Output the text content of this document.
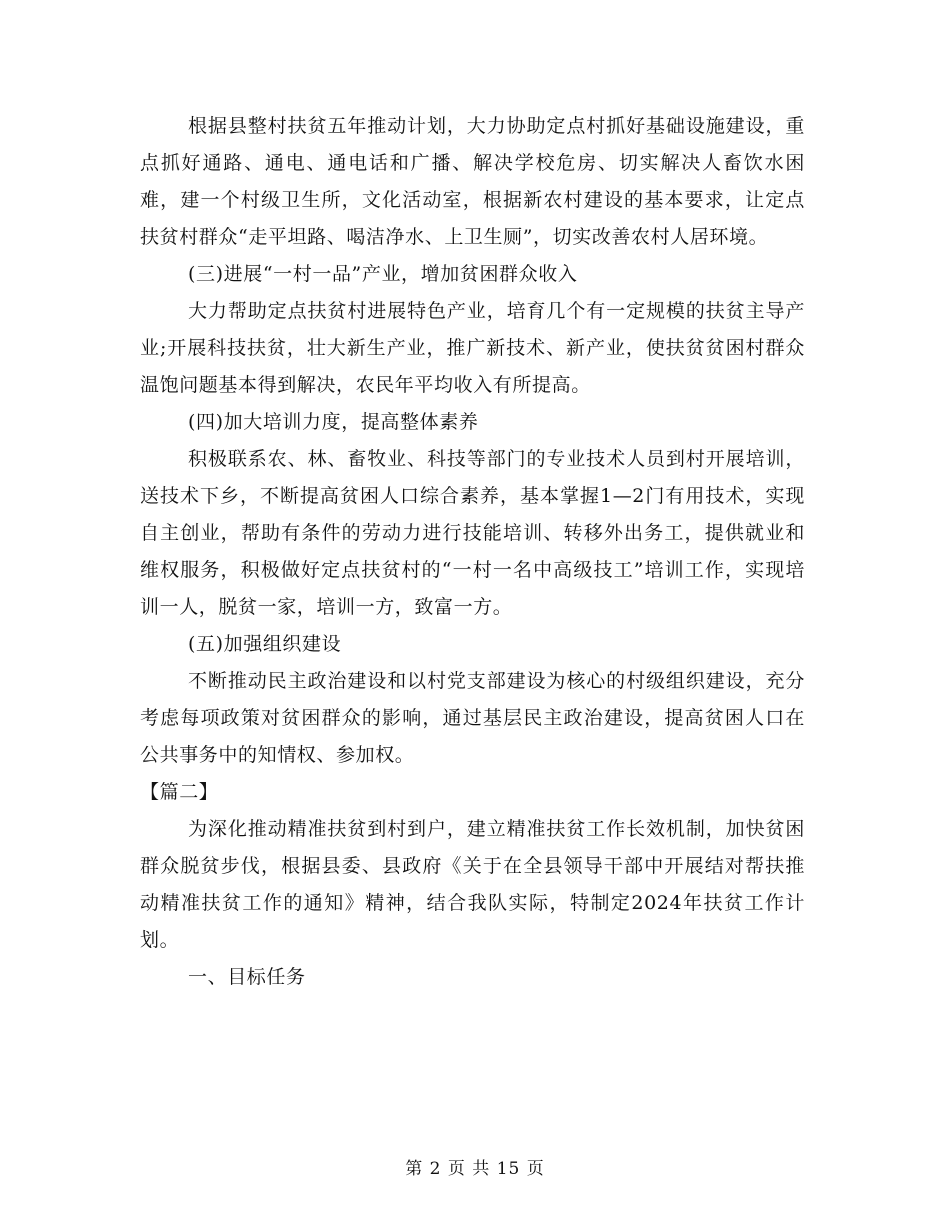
根据县整村扶贫五年推动计划，大力协助定点村抓好基础设施建设，重点抓好通路、通电、通电话和广播、解决学校危房、切实解决人畜饮水困难，建一个村级卫生所，文化活动室，根据新农村建设的基本要求，让定点扶贫村群众“走平坦路、喝洁净水、上卫生厕”，切实改善农村人居环境。

(三)进展“一村一品”产业，增加贫困群众收入

大力帮助定点扶贫村进展特色产业，培育几个有一定规模的扶贫主导产业;开展科技扶贫，壮大新生产业，推广新技术、新产业，使扶贫贫困村群众温饱问题基本得到解决，农民年平均收入有所提高。

(四)加大培训力度，提高整体素养

积极联系农、林、畜牧业、科技等部门的专业技术人员到村开展培训，送技术下乡，不断提高贫困人口综合素养，基本掌握1—2门有用技术，实现自主创业，帮助有条件的劳动力进行技能培训、转移外出务工，提供就业和维权服务，积极做好定点扶贫村的“一村一名中高级技工”培训工作，实现培训一人，脱贫一家，培训一方，致富一方。

(五)加强组织建设

不断推动民主政治建设和以村党支部建设为核心的村级组织建设，充分考虑每项政策对贫困群众的影响，通过基层民主政治建设，提高贫困人口在公共事务中的知情权、参加权。

【篇二】

为深化推动精准扶贫到村到户，建立精准扶贫工作长效机制，加快贫困群众脱贫步伐，根据县委、县政府《关于在全县领导干部中开展结对帮扶推动精准扶贫工作的通知》精神，结合我队实际，特制定2024年扶贫工作计划。

一、目标任务

第 2 页 共 15 页
